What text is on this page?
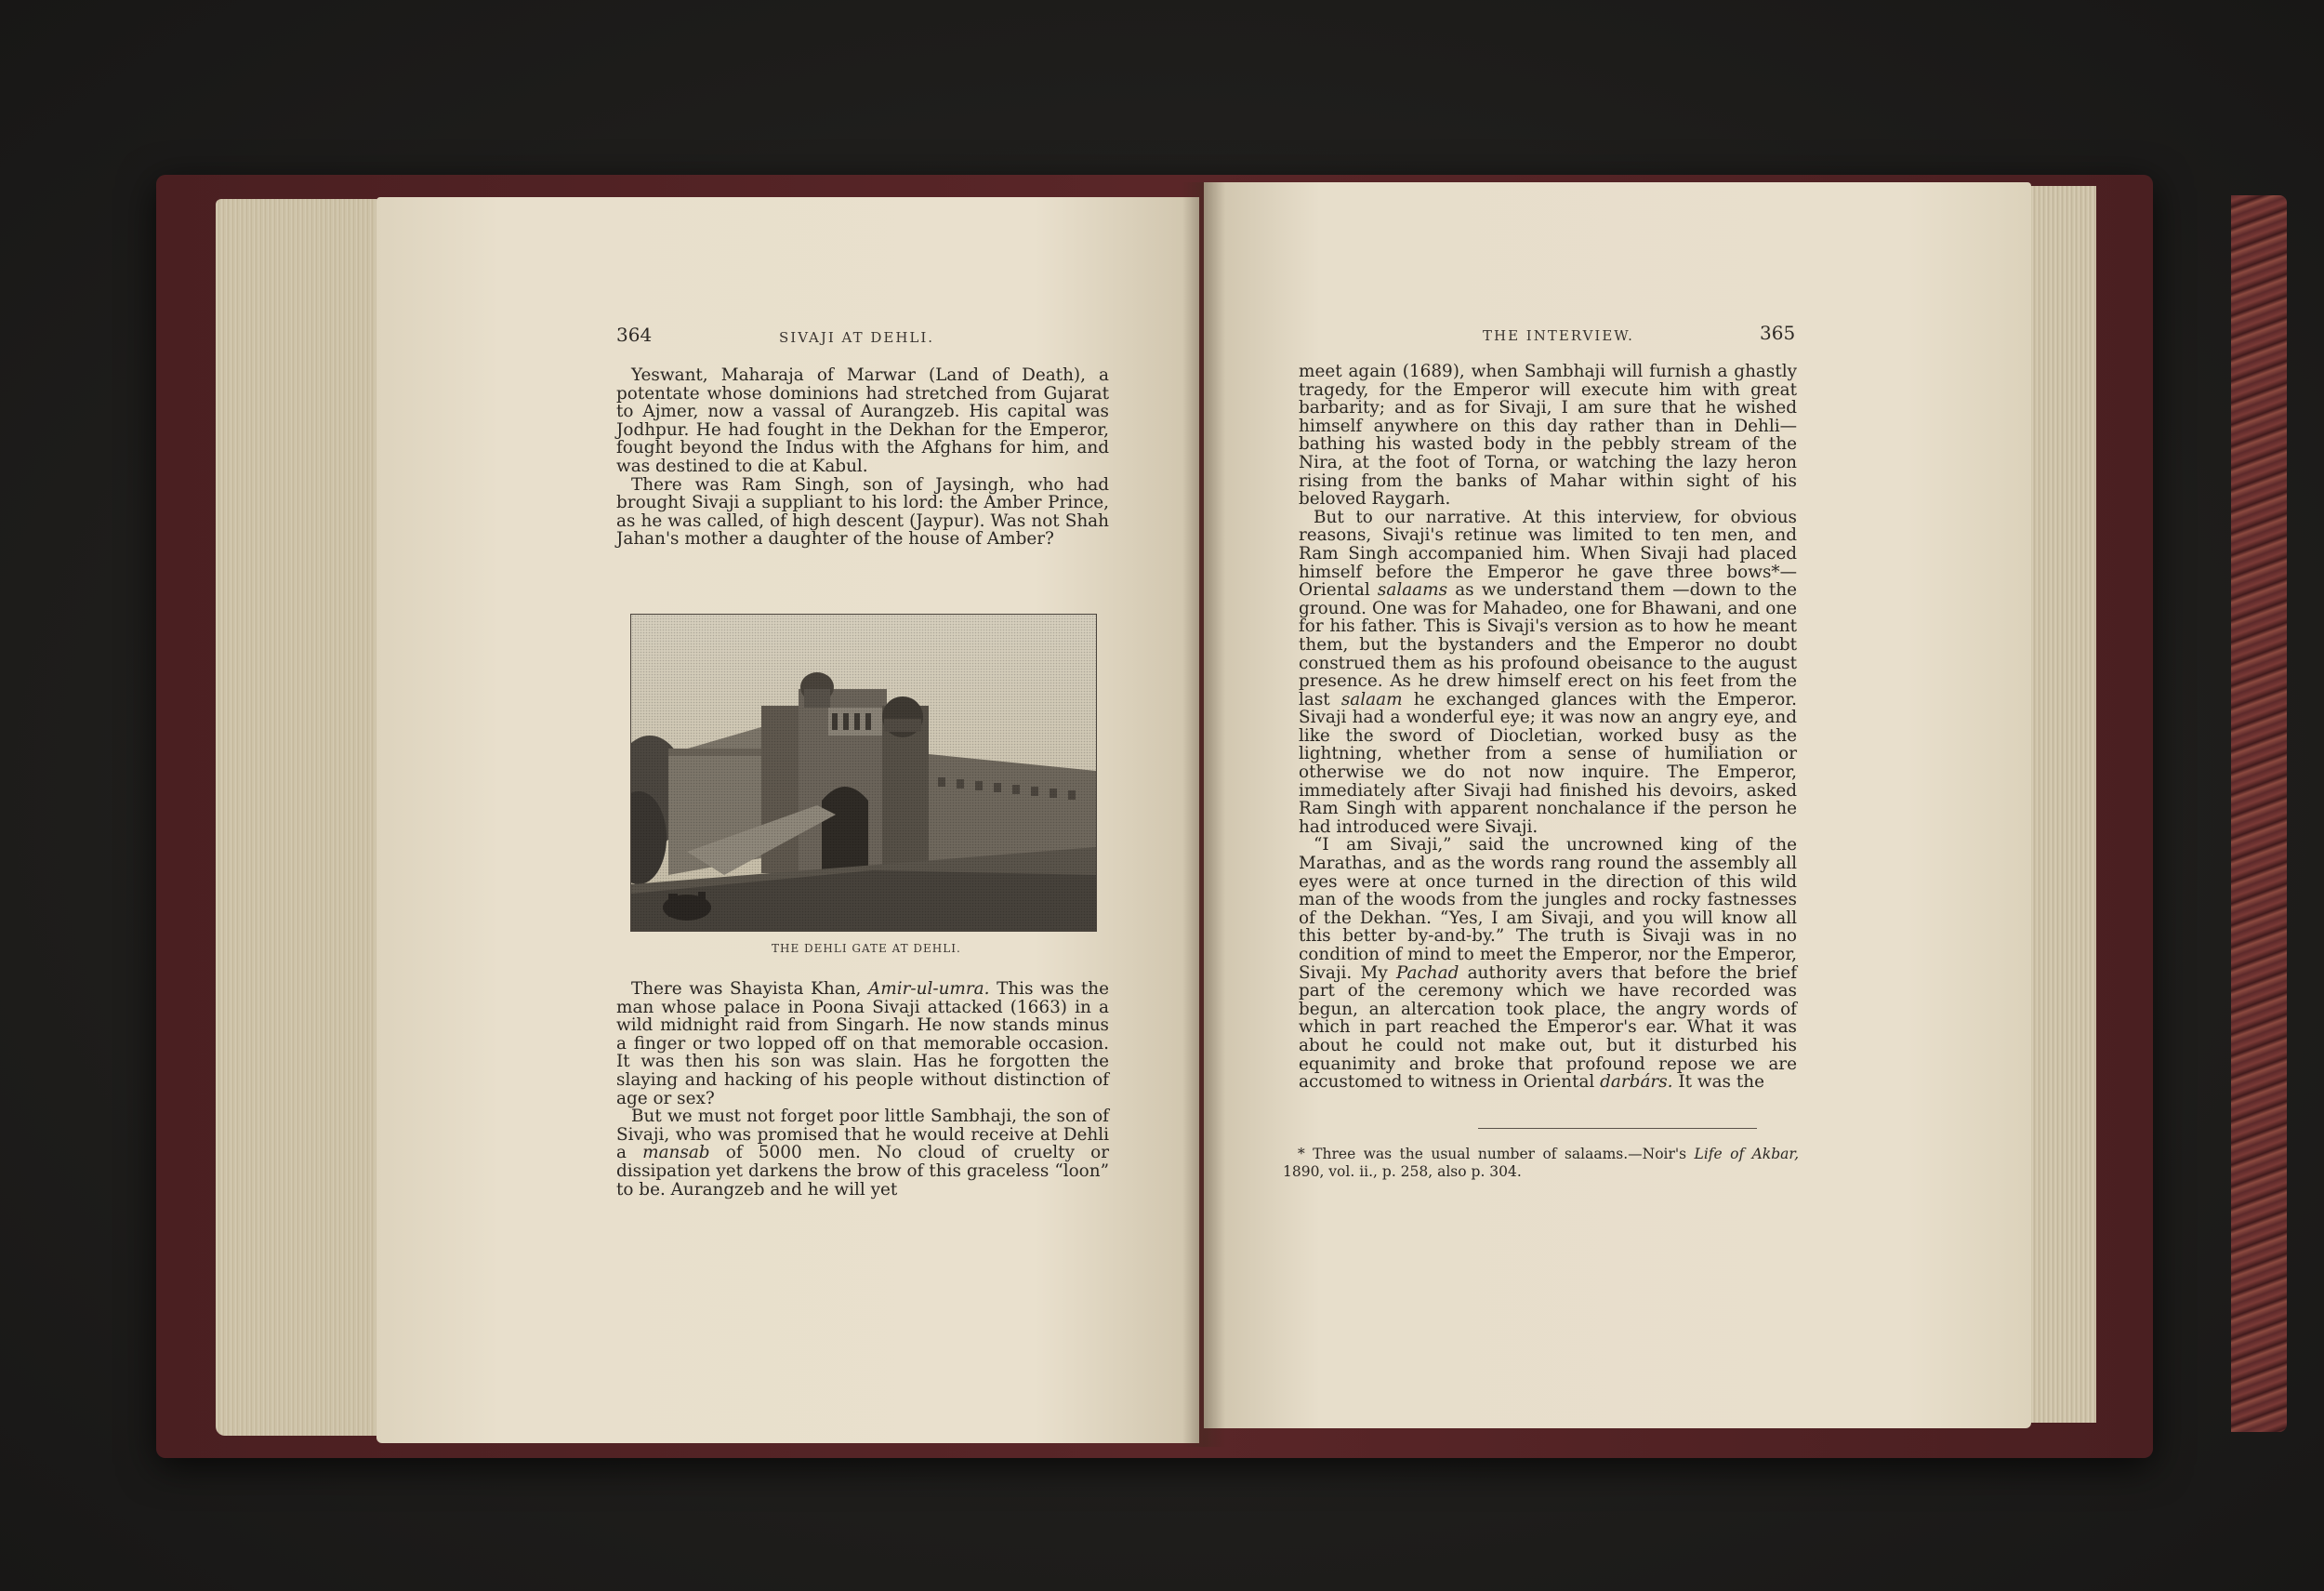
364	SIVAJI AT DEHLI.

Yeswant, Maharaja of Marwar (Land of Death), a potentate whose dominions had stretched from Gujarat to Ajmer, now a vassal of Aurangzeb. His capital was Jodhpur. He had fought in the Dekhan for the Emperor, fought beyond the Indus with the Afghans for him, and was destined to die at Kabul.

There was Ram Singh, son of Jaysingh, who had brought Sivaji a suppliant to his lord: the Amber Prince, as he was called, of high descent (Jaypur). Was not Shah Jahan's mother a daughter of the house of Amber?

THE DEHLI GATE AT DEHLI.

There was Shayista Khan, Amir-ul-umra. This was the man whose palace in Poona Sivaji attacked (1663) in a wild midnight raid from Singarh. He now stands minus a finger or two lopped off on that memorable occasion. It was then his son was slain. Has he forgotten the slaying and hacking of his people without distinction of age or sex?

But we must not forget poor little Sambhaji, the son of Sivaji, who was promised that he would receive at Dehli a mansab of 5000 men. No cloud of cruelty or dissipation yet darkens the brow of this graceless “loon” to be. Aurangzeb and he will yet

THE INTERVIEW.	365

meet again (1689), when Sambhaji will furnish a ghastly tragedy, for the Emperor will execute him with great barbarity; and as for Sivaji, I am sure that he wished himself anywhere on this day rather than in Dehli—bathing his wasted body in the pebbly stream of the Nira, at the foot of Torna, or watching the lazy heron rising from the banks of Mahar within sight of his beloved Raygarh.

But to our narrative. At this interview, for obvious reasons, Sivaji's retinue was limited to ten men, and Ram Singh accompanied him. When Sivaji had placed himself before the Emperor he gave three bows*—Oriental salaams as we understand them —down to the ground. One was for Mahadeo, one for Bhawani, and one for his father. This is Sivaji's version as to how he meant them, but the bystanders and the Emperor no doubt construed them as his profound obeisance to the august presence. As he drew himself erect on his feet from the last salaam he exchanged glances with the Emperor. Sivaji had a wonderful eye; it was now an angry eye, and like the sword of Diocletian, worked busy as the lightning, whether from a sense of humiliation or otherwise we do not now inquire. The Emperor, immediately after Sivaji had finished his devoirs, asked Ram Singh with apparent nonchalance if the person he had introduced were Sivaji.

“I am Sivaji,” said the uncrowned king of the Marathas, and as the words rang round the assembly all eyes were at once turned in the direction of this wild man of the woods from the jungles and rocky fastnesses of the Dekhan. “Yes, I am Sivaji, and you will know all this better by-and-by.” The truth is Sivaji was in no condition of mind to meet the Emperor, nor the Emperor, Sivaji. My Pachad authority avers that before the brief part of the ceremony which we have recorded was begun, an altercation took place, the angry words of which in part reached the Emperor's ear. What it was about he could not make out, but it disturbed his equanimity and broke that profound repose we are accustomed to witness in Oriental darbárs. It was the

* Three was the usual number of salaams.—Noir's Life of Akbar, 1890, vol. ii., p. 258, also p. 304.
